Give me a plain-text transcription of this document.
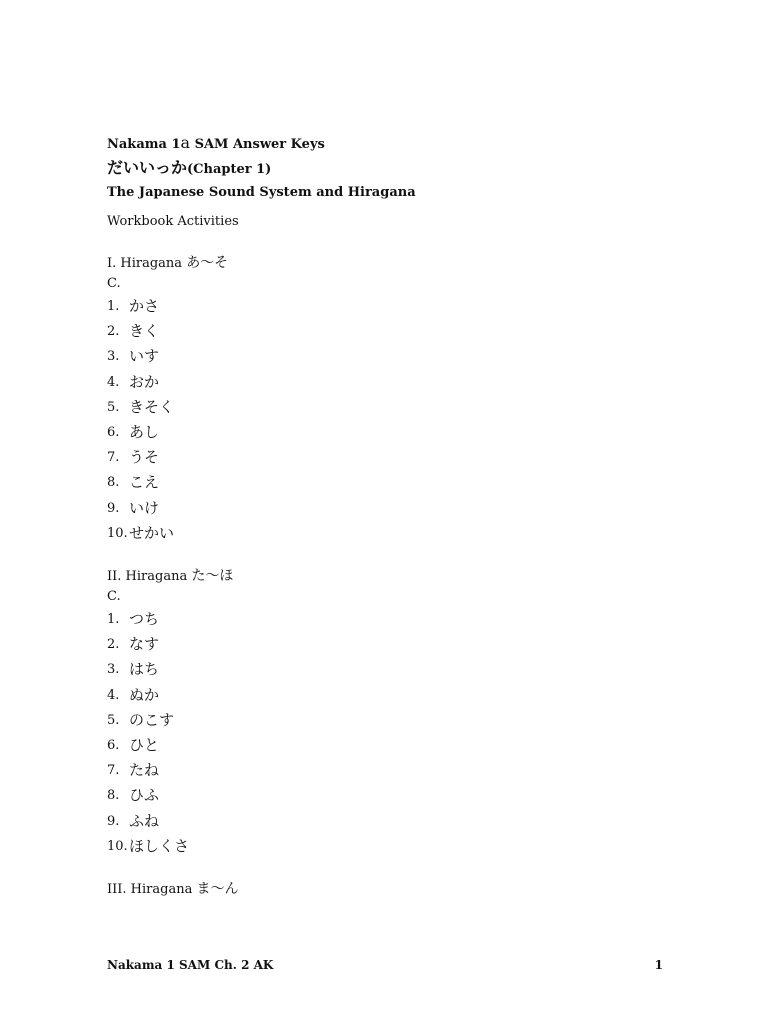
Nakama 1a SAM Answer Keys
だいいっか(Chapter 1)
The Japanese Sound System and Hiragana
Workbook Activities
I. Hiragana あ～そ
C.
1. かさ
2. きく
3. いす
4. おか
5. きそく
6. あし
7. うそ
8. こえ
9. いけ
10. せかい
II. Hiragana た～ほ
C.
1. つち
2. なす
3. はち
4. ぬか
5. のこす
6. ひと
7. たね
8. ひふ
9. ふね
10. ほしくさ
III. Hiragana ま～ん
Nakama 1 SAM Ch. 2 AK	1
